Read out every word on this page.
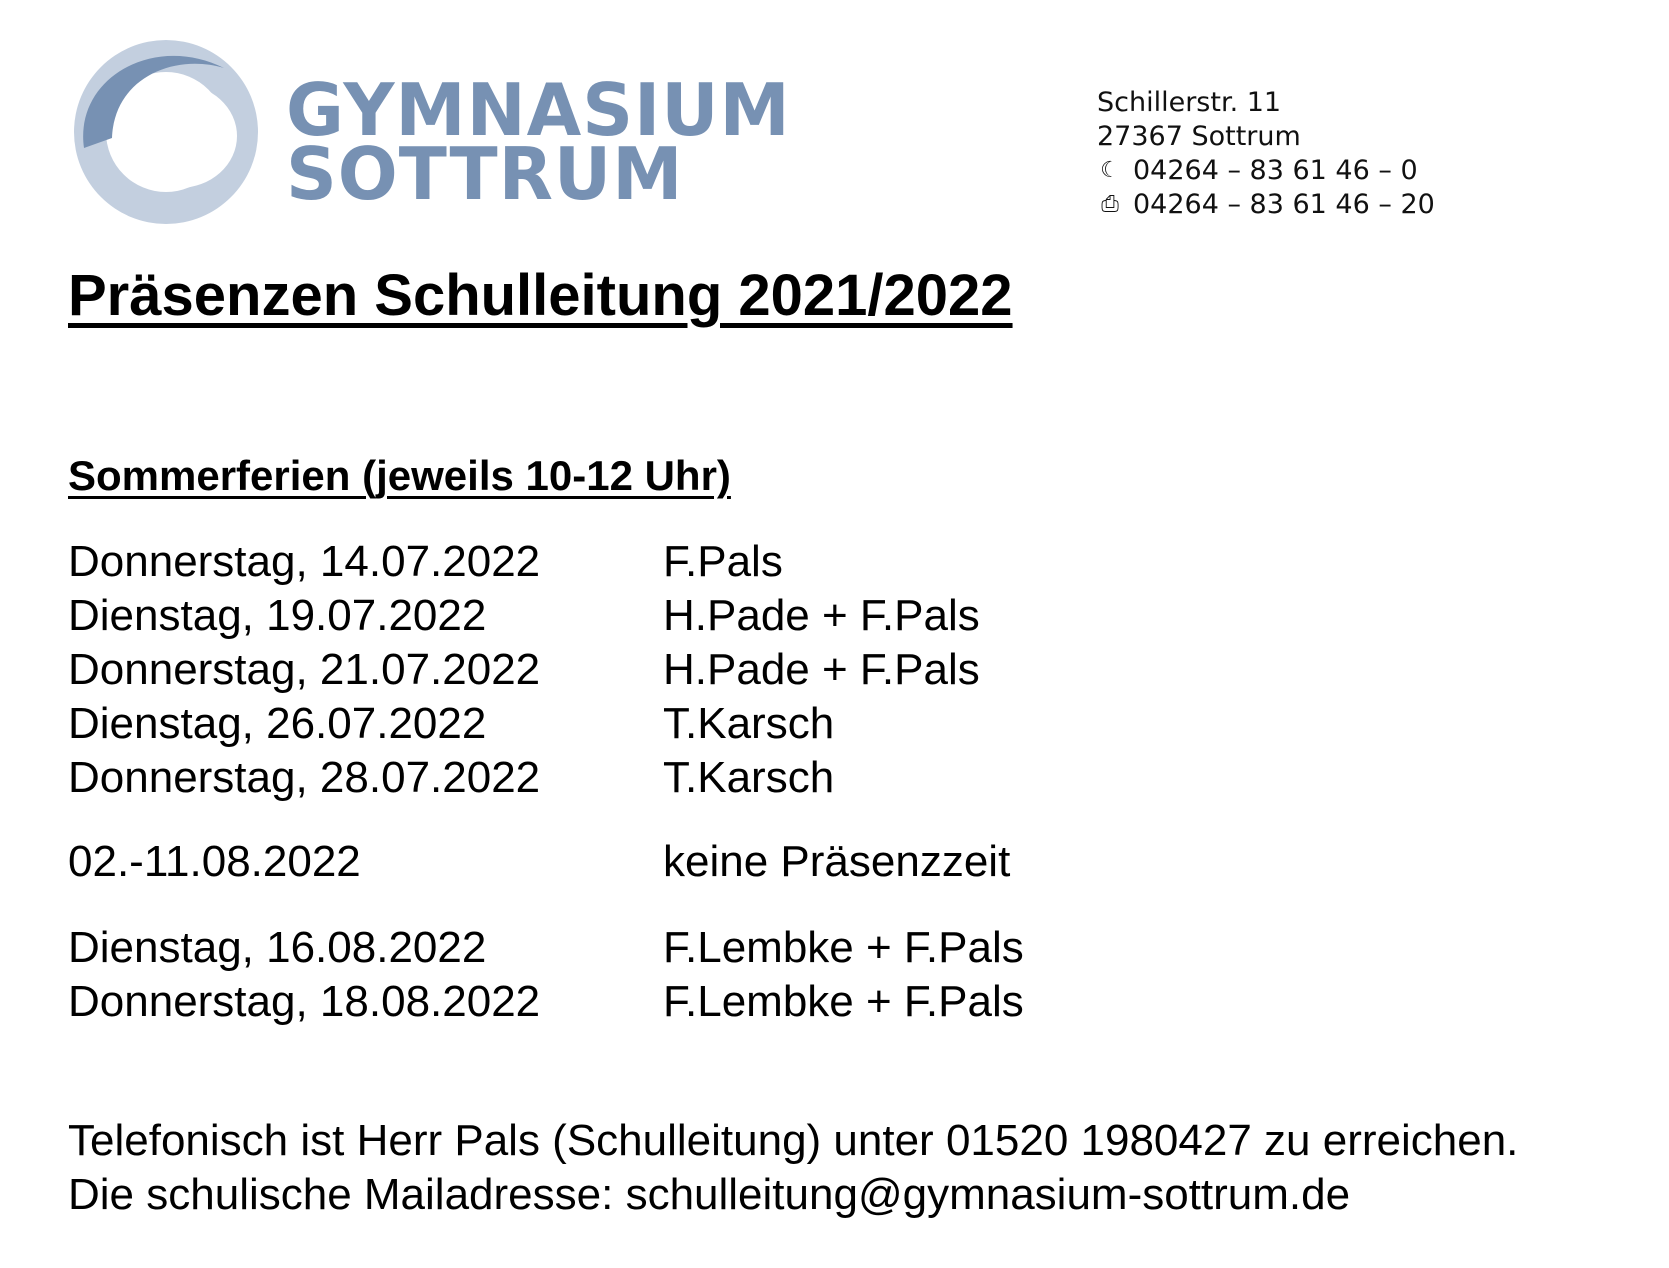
GYMNASIUM
SOTTRUM
Schillerstr. 11
27367 Sottrum
☾ 04264 – 83 61 46 – 0
⎙ 04264 – 83 61 46 – 20
Präsenzen Schulleitung 2021/2022
Sommerferien (jeweils 10-12 Uhr)
Donnerstag, 14.07.2022	F.Pals
Dienstag, 19.07.2022	H.Pade + F.Pals
Donnerstag, 21.07.2022	H.Pade + F.Pals
Dienstag, 26.07.2022	T.Karsch
Donnerstag, 28.07.2022	T.Karsch
02.-11.08.2022	keine Präsenzzeit
Dienstag, 16.08.2022	F.Lembke + F.Pals
Donnerstag, 18.08.2022	F.Lembke + F.Pals
Telefonisch ist Herr Pals (Schulleitung) unter 01520 1980427 zu erreichen.
Die schulische Mailadresse: schulleitung@gymnasium-sottrum.de
